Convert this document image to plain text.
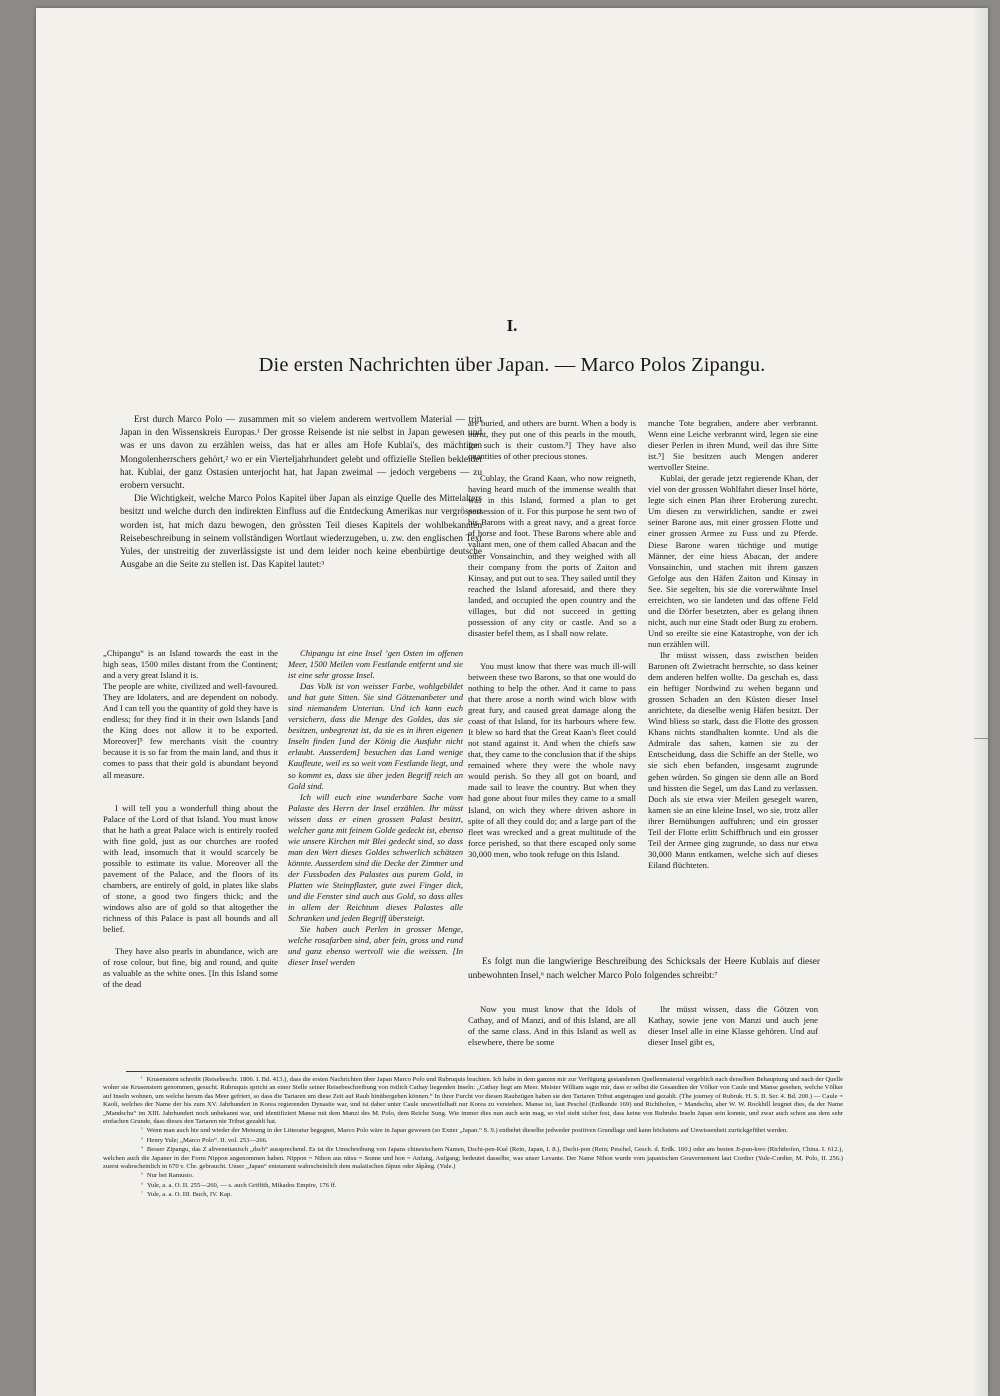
I.
Die ersten Nachrichten über Japan. — Marco Polos Zipangu.

Erst durch Marco Polo — zusammen mit so vielem anderem wertvollem Material — tritt Japan in den Wissenskreis Europas.¹ Der grosse Reisende ist nie selbst in Japan gewesen und was er uns davon zu erzählen weiss, das hat er alles am Hofe Kublai's, des mächtigen Mongolenherrschers gehört,² wo er ein Vierteljahrhundert gelebt und offizielle Stellen bekleidet hat. Kublai, der ganz Ostasien unterjocht hat, hat Japan zweimal — jedoch vergebens — zu erobern versucht.

Die Wichtigkeit, welche Marco Polos Kapitel über Japan als einzige Quelle des Mittelalters besitzt und welche durch den indirekten Einfluss auf die Entdeckung Amerikas nur vergrössert worden ist, hat mich dazu bewogen, den grössten Teil dieses Kapitels der wohlbekannten Reisebeschreibung in seinem vollständigen Wortlaut wiederzugeben, u. zw. den englischen Text Yules, der unstreitig der zuverlässigste ist und dem leider noch keine ebenbürtige deutsche Ausgabe an die Seite zu stellen ist. Das Kapitel lautet:³

„Chipangu“ is an Island towards the east in the high seas, 1500 miles distant from the Continent; and a very great Island it is.

The people are white, civilized and well-favoured. They are Idolaters, and are dependent on nobody. And I can tell you the quantity of gold they have is endless; for they find it in their own Islands [and the King does not allow it to be exported. Moreover]⁵ few merchants visit the country because it is so far from the main land, and thus it comes to pass that their gold is abundant beyond all measure.

I will tell you a wonderfull thing about the Palace of the Lord of that Island. You must know that he hath a great Palace wich is entirely roofed with fine gold, just as our churches are roofed with lead, insomuch that it would scarcely be possible to estimate its value. Moreover all the pavement of the Palace, and the floors of its chambers, are entirely of gold, in plates like slabs of stone, a good two fingers thick; and the windows also are of gold so that altogether the richness of this Palace is past all bounds and all belief.

They have also pearls in abundance, wich are of rose colour, but fine, big and round, and quite as valuable as the white ones. [In this Island some of the dead

Chipangu ist eine Insel ’gen Osten im offenen Meer, 1500 Meilen vom Festlande entfernt und sie ist eine sehr grosse Insel.

Das Volk ist von weisser Farbe, wohlgebildet und hat gute Sitten. Sie sind Götzenanbeter und sind niemandem Untertan. Und ich kann euch versichern, dass die Menge des Goldes, das sie besitzen, unbegrenzt ist, da sie es in ihren eigenen Inseln finden [und der König die Ausfuhr nicht erlaubt. Ausserdem] besuchen das Land wenige Kaufleute, weil es so weit vom Festlande liegt, und so kommt es, dass sie über jeden Begriff reich an Gold sind.

Ich will euch eine wunderbare Sache vom Palaste des Herrn der Insel erzählen. Ihr müsst wissen dass er einen grossen Palast besitzt, welcher ganz mit feinem Golde gedeckt ist, ebenso wie unsere Kirchen mit Blei gedeckt sind, so dass man den Wert dieses Goldes schwerlich schätzen könnte. Ausserdem sind die Decke der Zimmer und der Fussboden des Palastes aus purem Gold, in Platten wie Steinpflaster, gute zwei Finger dick, und die Fenster sind auch aus Gold, so dass alles in allem der Reichtum dieses Palastes alle Schranken und jeden Begriff übersteigt.

Sie haben auch Perlen in grosser Menge, welche rosafarben sind, aber fein, gross und rund und ganz ebenso wertvoll wie die weissen. [In dieser Insel werden

are buried, and others are burnt. When a body is burnt, they put one of this pearls in the mouth, for such is their custom.⁵] They have also quantities of other precious stones.

Cublay, the Grand Kaan, who now reigneth, having heard much of the immense wealth that was in this Island, formed a plan to get possession of it. For this purpose he sent two of his Barons with a great navy, and a great force of horse and foot. These Barons where able and valiant men, one of them called Abacan and the other Vonsainchin, and they weighed with all their company from the ports of Zaiton and Kinsay, and put out to sea. They sailed until they reached the Island aforesaid, and there they landed, and occupied the open country and the villages, but did not succeed in getting possession of any city or castle. And so a disaster befel them, as I shall now relate.

You must know that there was much ill-will between these two Barons, so that one would do nothing to help the other. And it came to pass that there arose a north wind wich blow with great fury, and caused great damage along the coast of that Island, for its harbours where few. It blew so hard that the Great Kaan's fleet could not stand against it. And when the chiefs saw that, they came to the conclusion that if the ships remained where they were the whole navy would perish. So they all got on board, and made sail to leave the country. But when they had gone about four miles they came to a small Island, on wich they where driven ashore in spite of all they could do; and a large part of the fleet was wrecked and a great multitude of the force perished, so that there escaped only some 30,000 men, who took refuge on this Island.

manche Tote begraben, andere aber verbrannt. Wenn eine Leiche verbrannt wird, legen sie eine dieser Perlen in ihren Mund, weil das ihre Sitte ist.⁵] Sie besitzen auch Mengen anderer wertvoller Steine.

Kublai, der gerade jetzt regierende Khan, der viel von der grossen Wohlfahrt dieser Insel hörte, legte sich einen Plan ihrer Eroberung zurecht. Um diesen zu verwirklichen, sandte er zwei seiner Barone aus, mit einer grossen Flotte und einer grossen Armee zu Fuss und zu Pferde. Diese Barone waren tüchtige und mutige Männer, der eine hiess Abacan, der andere Vonsainchin, und stachen mit ihrem ganzen Gefolge aus den Häfen Zaiton und Kinsay in See. Sie segelten, bis sie die vorerwähnte Insel erreichten, wo sie landeten und das offene Feld und die Dörfer besetzten, aber es gelang ihnen nicht, auch nur eine Stadt oder Burg zu erobern. Und so ereilte sie eine Katastrophe, von der ich nun erzählen will.

Ihr müsst wissen, dass zwischen beiden Baronen oft Zwietracht herrschte, so dass keiner dem anderen helfen wollte. Da geschah es, dass ein heftiger Nordwind zu wehen begann und grossen Schaden an den Küsten dieser Insel anrichtete, da dieselbe wenig Häfen besitzt. Der Wind bliess so stark, dass die Flotte des grossen Khans nichts standhalten konnte. Und als die Admirale das sahen, kamen sie zu der Entscheidung, dass die Schiffe an der Stelle, wo sie sich eben befanden, insgesamt zugrunde gehen würden. So gingen sie denn alle an Bord und hissten die Segel, um das Land zu verlassen. Doch als sie etwa vier Meilen gesegelt waren, kamen sie an eine kleine Insel, wo sie, trotz aller ihrer Bemühungen auffuhren; und ein grosser Teil der Flotte erlitt Schiffbruch und ein grosser Teil der Armee ging zugrunde, so dass nur etwa 30,000 Mann entkamen, welche sich auf dieses Eiland flüchteten.

Es folgt nun die langwierige Beschreibung des Schicksals der Heere Kublais auf dieser unbewohnten Insel,⁶ nach welcher Marco Polo folgendes schreibt:⁷

Now you must know that the Idols of Cathay, and of Manzi, and of this Island, are all of the same class. And in this Island as well as elsewhere, there be some

Ihr müsst wissen, dass die Götzen von Kathay, sowie jene von Manzi und auch jene dieser Insel alle in eine Klasse gehören. Und auf dieser Insel gibt es,

¹ Krusenstern schreibt (Reisebeschr. 1806. I. Bd. 413.), dass die ersten Nachrichten über Japan Marco Polo und Rubruquis brachten. Ich habe in dem ganzen mir zur Verfügung gestandenen Quellenmaterial vergeblich nach derselben Behauptung und nach der Quelle woher sie Krusenstern genommen, gesucht. Rubruquis spricht an einer Stelle seiner Reisebeschreibung von östlich Cathay liegenden Inseln: „Cathay liegt am Meer. Meister William sagte mir, dass er selbst die Gesandten der Völker von Caule und Manse gesehen, welche Völker auf Inseln wohnen, um welche herum das Meer gefriert, so dass die Tartaren um diese Zeit auf Raub hinübergehen können.“ In ihrer Furcht vor diesen Raubzügen haben sie den Tartaren Tribut angetragen und gezahlt. (The journey of Rubruk. H. S. II. Ser. 4. Bd. 200.) — Caule = Kaoli, welches der Name der bis zum XV. Jahrhundert in Korea regierenden Dynastie war, und ist daher unter Caule unzweifelhaft nur Korea zu verstehen. Manse ist, laut Peschel (Erdkunde 169) und Richthofen, = Mandschu, aber W. W. Rockhill leugnet dies, da der Name „Mandschu“ im XIII. Jahrhundert noch unbekannt war, und identifiziert Manse mit dem Manzi des M. Polo, dem Reiche Sung. Wie immer dies nun auch sein mag, so viel steht sicher fest, dass keine von Rubruks Inseln Japan sein konnte, und zwar auch schon aus dem sehr einfachen Grunde, dass dieses den Tartaren nie Tribut gezahlt hat.

² Wenn man auch hie und wieder der Meinung in der Litteratur begegnet, Marco Polo wäre in Japan gewesen (so Exner „Japan.“ S. 9.) entbehrt dieselbe jedweder positiven Grundlage und kann höchstens auf Unwissenheit zurückgeführt werden.

³ Henry Yule; „Marco Polo“. II. vol. 253—266.

⁴ Besser Zipangu, das Z altvenetianisch „dsch“ aussprechend. Es ist die Umschreibung von Japans chinesischem Namen, Dschi-pen-Kué (Rein, Japan, I. 8.), Dschi-pon (Rein; Peschel, Gesch. d. Erdk. 160.) oder am besten Ji-pun-kwo (Richthofen, China. I. 612.), welchen auch die Japaner in der Form Nippon angenommen haben. Nippon = Nihon aus nitsu = Sonne und hon = Anfang, Aufgang; bedeutet dasselbe, was unser Levante. Der Name Nihon wurde vom japanischen Gouvernement laut Cordier (Yule-Cordier, M. Polo, II. 256.) zuerst wahrscheinlich in 670 v. Chr. gebraucht. Unser „Japan“ entstammt wahrscheinlich dem malaiischen Jâpun oder Jâpâng. (Yule.)

⁵ Nur bei Ramusio.

⁶ Yule, a. a. O. II. 255—260, — s. auch Griffith, Mikados Empire, 176 ff.

⁷ Yule, a. a. O. III. Buch, IV. Kap.
